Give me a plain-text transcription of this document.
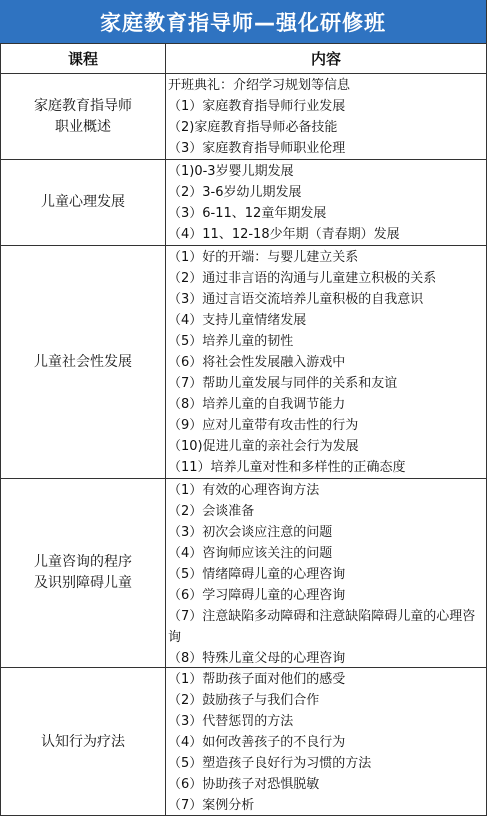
家庭教育指导师—强化研修班
课程	内容
家庭教育指导师
职业概述
开班典礼：介绍学习规划等信息
（1）家庭教育指导师行业发展
（2)家庭教育指导师必备技能
（3）家庭教育指导师职业伦理
儿童心理发展
（1)0-3岁婴儿期发展
（2）3-6岁幼儿期发展
（3）6-11、12童年期发展
（4）11、12-18少年期（青春期）发展
儿童社会性发展
（1）好的开端：与婴儿建立关系
（2）通过非言语的沟通与儿童建立积极的关系
（3）通过言语交流培养儿童积极的自我意识
（4）支持儿童情绪发展
（5）培养儿童的韧性
（6）将社会性发展融入游戏中
（7）帮助儿童发展与同伴的关系和友谊
（8）培养儿童的自我调节能力
（9）应对儿童带有攻击性的行为
（10)促进儿童的亲社会行为发展
（11）培养儿童对性和多样性的正确态度
儿童咨询的程序
及识别障碍儿童
（1）有效的心理咨询方法
（2）会谈准备
（3）初次会谈应注意的问题
（4）咨询师应该关注的问题
（5）情绪障碍儿童的心理咨询
（6）学习障碍儿童的心理咨询
（7）注意缺陷多动障碍和注意缺陷障碍儿童的心理咨询
（8）特殊儿童父母的心理咨询
认知行为疗法
（1）帮助孩子面对他们的感受
（2）鼓励孩子与我们合作
（3）代替惩罚的方法
（4）如何改善孩子的不良行为
（5）塑造孩子良好行为习惯的方法
（6）协助孩子对恐惧脱敏
（7）案例分析
